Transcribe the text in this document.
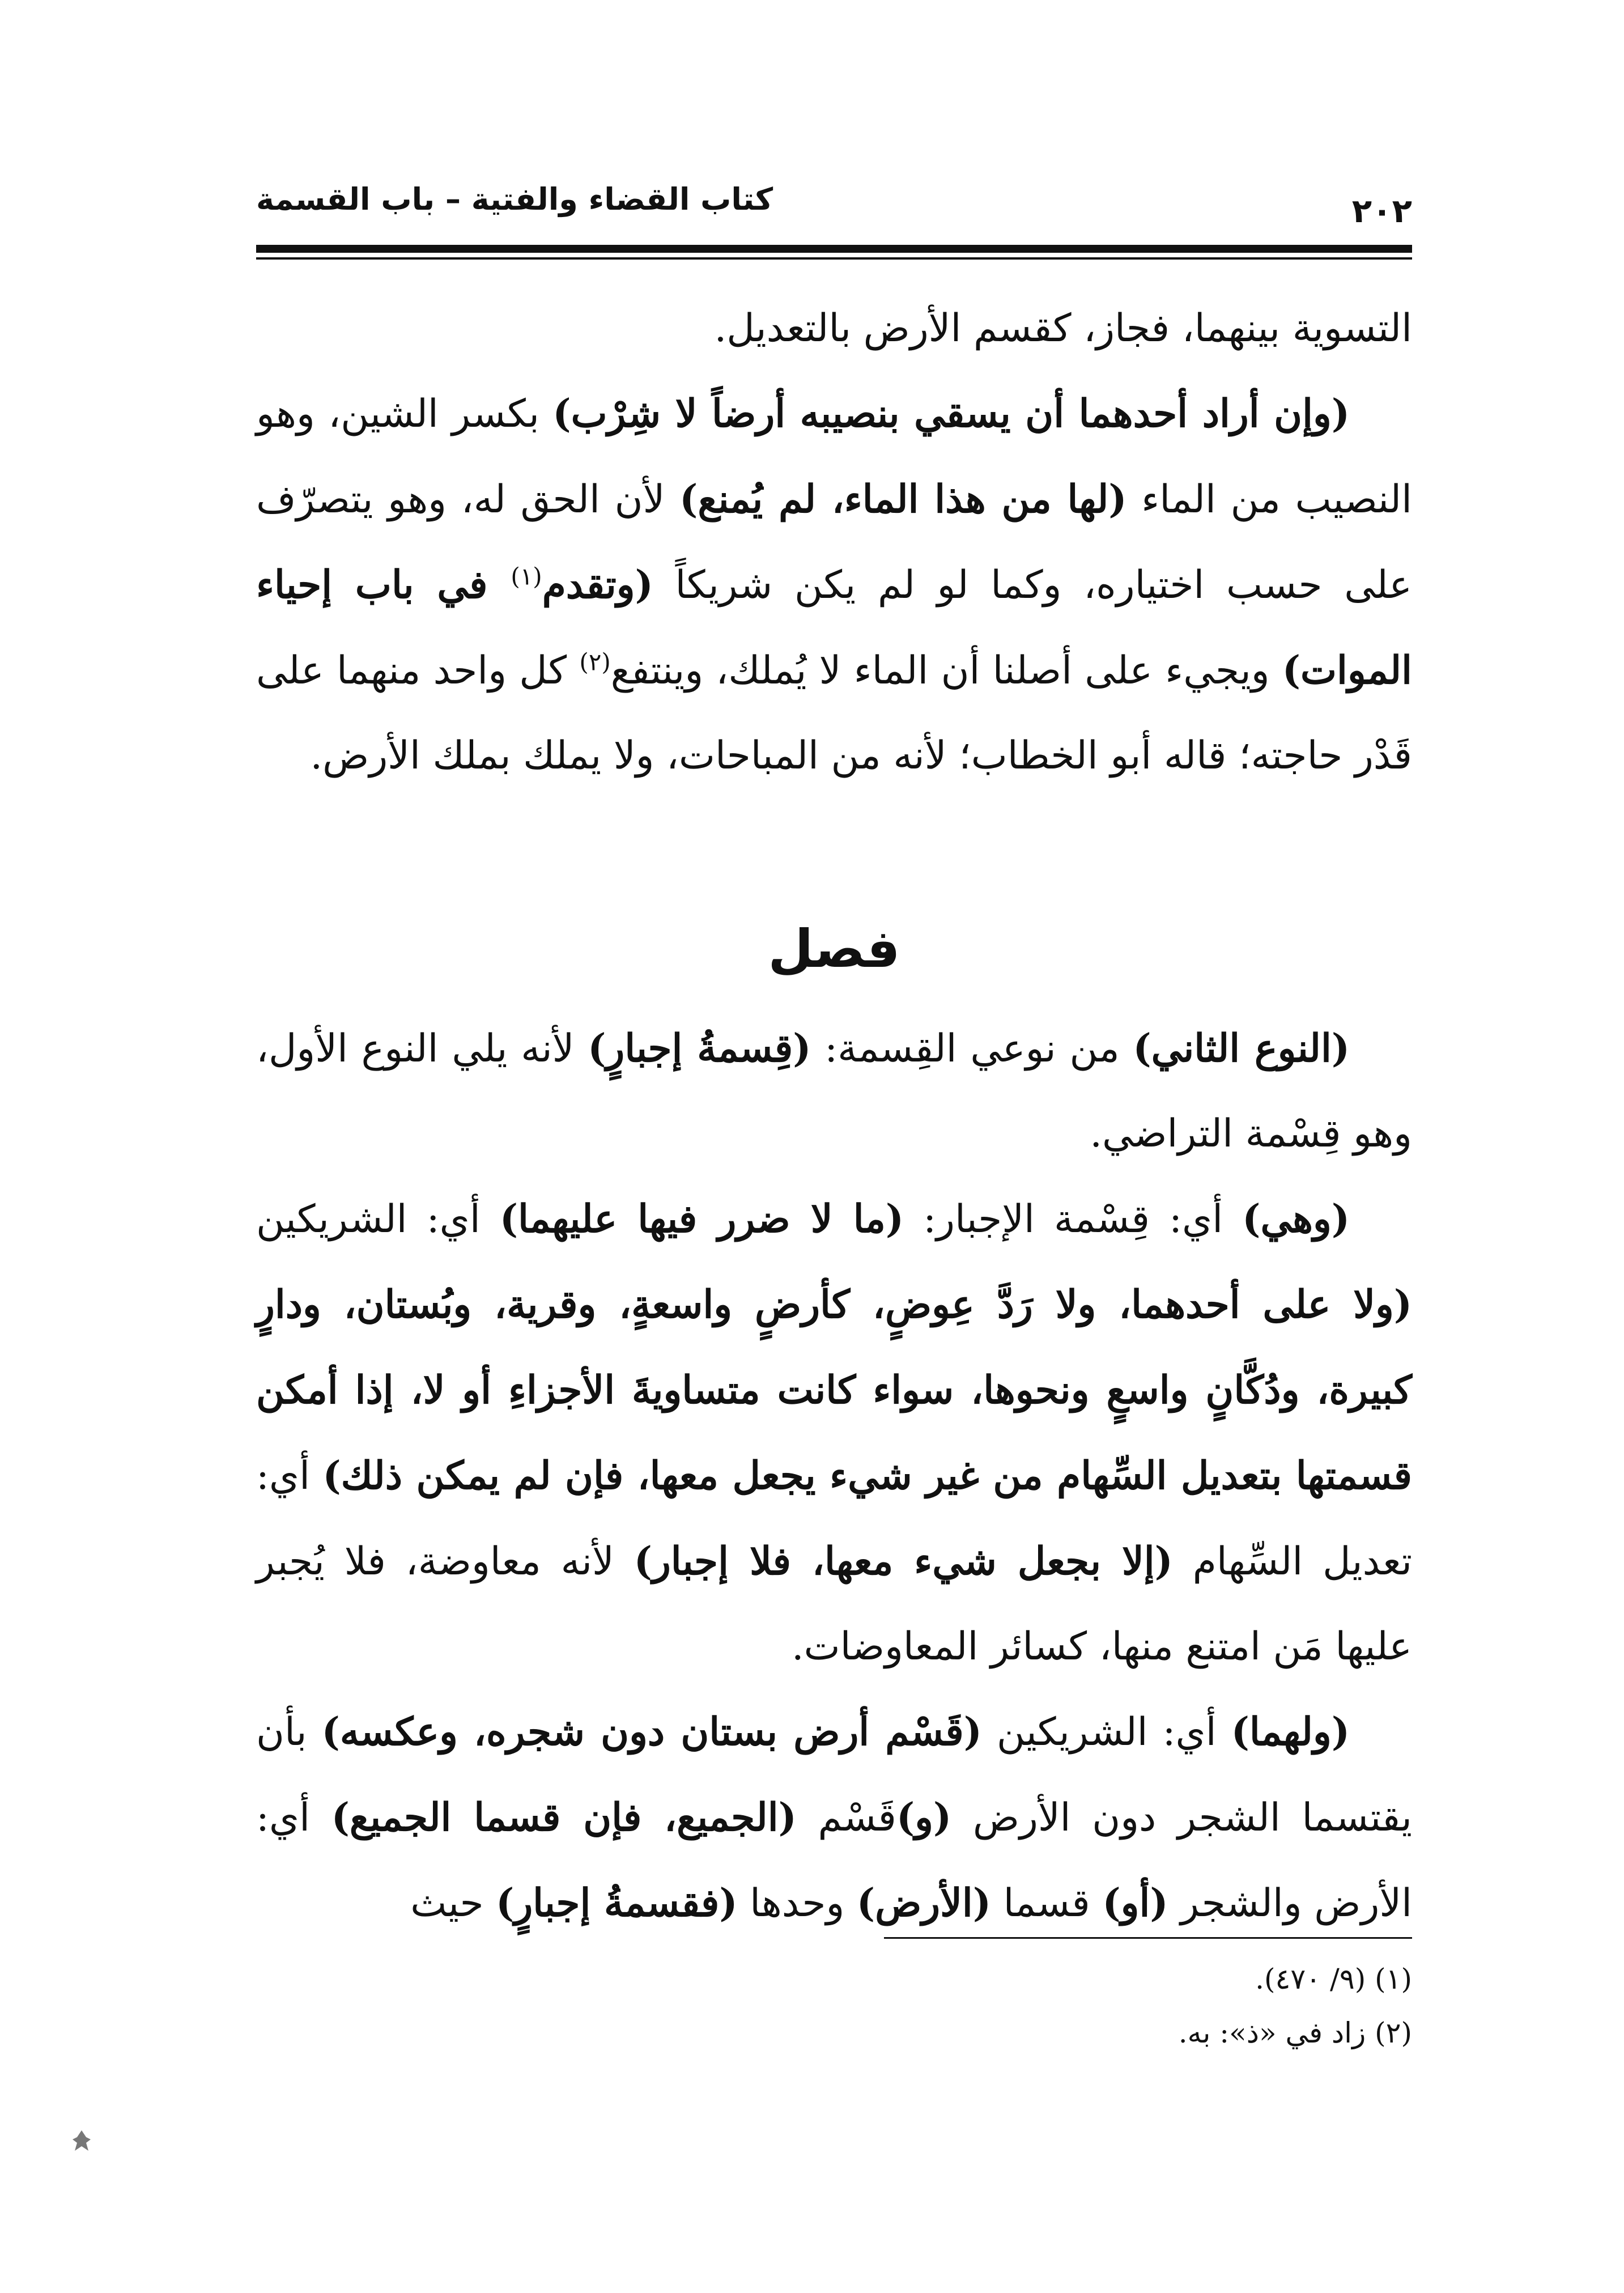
٢٠٢
كتاب القضاء والفتية – باب القسمة

التسوية بينهما، فجاز، كقسم الأرض بالتعديل.

(وإن أراد أحدهما أن يسقي بنصيبه أرضاً لا شِرْب) بكسر الشين، وهو النصيب من الماء (لها من هذا الماء، لم يُمنع) لأن الحق له، وهو يتصرّف على حسب اختياره، وكما لو لم يكن شريكاً (وتقدم$^{(١)}$ في باب إحياء الموات) ويجيء على أصلنا أن الماء لا يُملك، وينتفع$^{(٢)}$ كل واحد منهما على قَدْر حاجته؛ قاله أبو الخطاب؛ لأنه من المباحات، ولا يملك بملك الأرض.

فصل

(النوع الثاني) من نوعي القِسمة: (قِسمةُ إجبارٍ) لأنه يلي النوع الأول، وهو قِسْمة التراضي.

(وهي) أي: قِسْمة الإجبار: (ما لا ضرر فيها عليهما) أي: الشريكين (ولا على أحدهما، ولا رَدَّ عِوضٍ، كأرضٍ واسعةٍ، وقرية، وبُستان، ودارٍ كبيرة، ودُكَّانٍ واسعٍ ونحوها، سواء كانت متساويةَ الأجزاءِ أو لا، إذا أمكن قسمتها بتعديل السِّهام من غير شيء يجعل معها، فإن لم يمكن ذلك) أي: تعديل السِّهام (إلا بجعل شيء معها، فلا إجبار) لأنه معاوضة، فلا يُجبر عليها مَن امتنع منها، كسائر المعاوضات.

(ولهما) أي: الشريكين (قَسْم أرض بستان دون شجره، وعكسه) بأن يقتسما الشجر دون الأرض (و)قَسْم (الجميع، فإن قسما الجميع) أي: الأرض والشجر (أو) قسما (الأرض) وحدها (فقسمةُ إجبارٍ) حيث

(١) (٩/ ٤٧٠).
(٢) زاد في «ذ»: به.
